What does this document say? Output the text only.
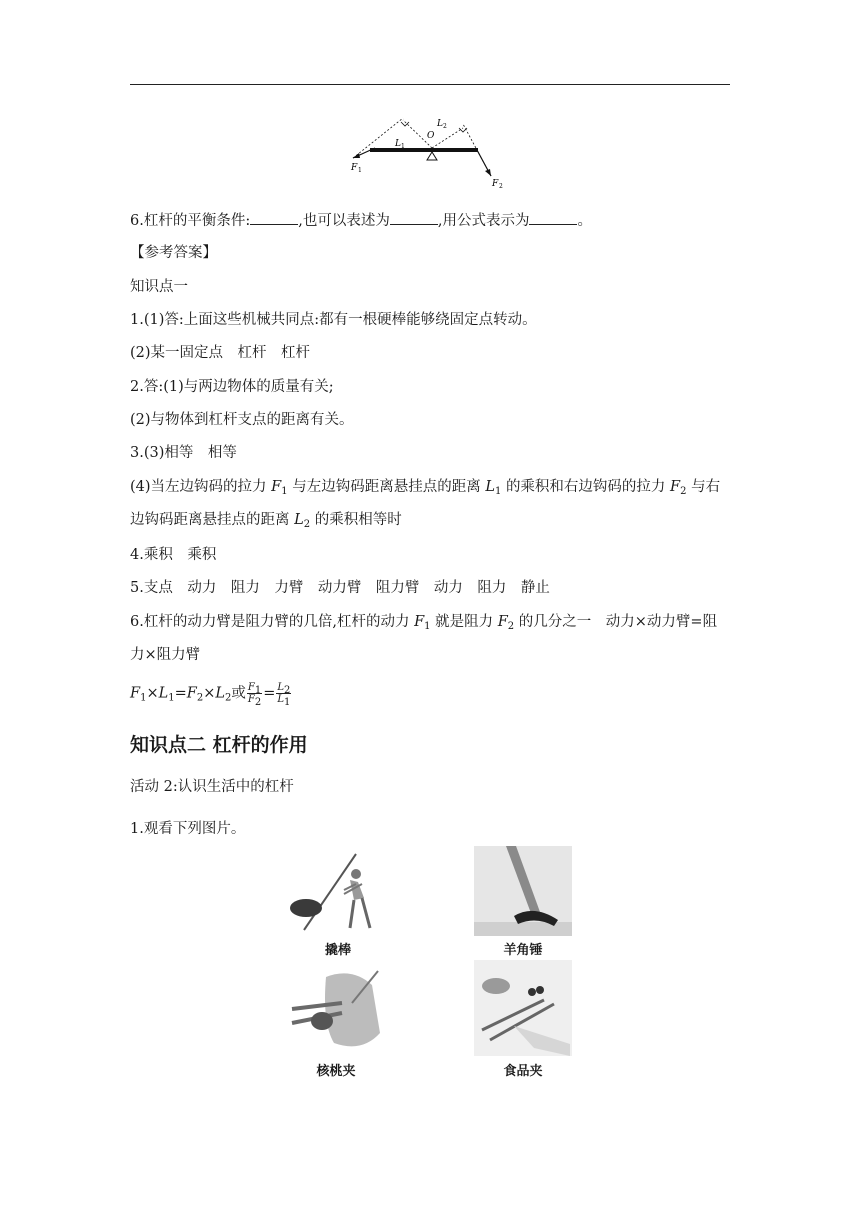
F 1
F 2
L 1
L 2
O
6.杠杆的平衡条件:	,也可以表述为	,用公式表示为	。
【参考答案】
知识点一
1.(1)答:上面这些机械共同点:都有一根硬棒能够绕固定点转动。
(2)某一固定点　杠杆　杠杆
2.答:(1)与两边物体的质量有关;
(2)与物体到杠杆支点的距离有关。
3.(3)相等　相等
(4)当左边钩码的拉力 $F_1$ 与左边钩码距离悬挂点的距离 $L_1$ 的乘积和右边钩码的拉力 $F_2$ 与右
边钩码距离悬挂点的距离 $L_2$ 的乘积相等时
4.乘积　乘积
5.支点　动力　阻力　力臂　动力臂　阻力臂　动力　阻力　静止
6.杠杆的动力臂是阻力臂的几倍,杠杆的动力 $F_1$ 就是阻力 $F_2$ 的几分之一　动力×动力臂=阻
力×阻力臂
$F_1\times L_1=F_2\times L_2$或 $\frac{F_1}{F_2} = \frac{L_2}{L_1}$
知识点二 杠杆的作用
活动 2:认识生活中的杠杆
1.观看下列图片。
撬棒	羊角锤
核桃夹	食品夹
